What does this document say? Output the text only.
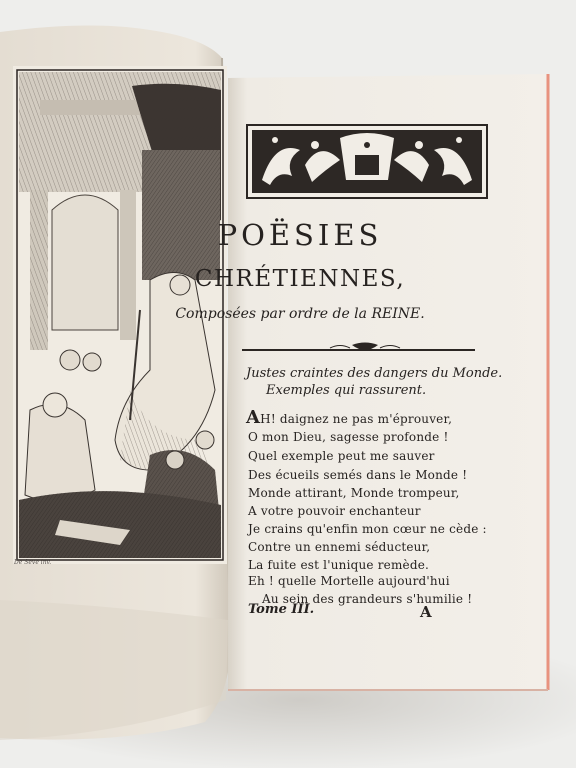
POËSIES
CHRÉTIENNES,
Composées par ordre de la REINE.
Justes craintes des dangers du Monde.
Exemples qui rassurent.
AH! daignez ne pas m'éprouver,
O mon Dieu, sagesse profonde !
Quel exemple peut me sauver
Des écueils semés dans le Monde !
Monde attirant, Monde trompeur,
A votre pouvoir enchanteur
Je crains qu'enfin mon cœur ne cède :
Contre un ennemi séducteur,
La fuite est l'unique remède.
Eh ! quelle Mortelle aujourd'hui
Au sein des grandeurs s'humilie !
Tome III.	A
De Seve inv.
